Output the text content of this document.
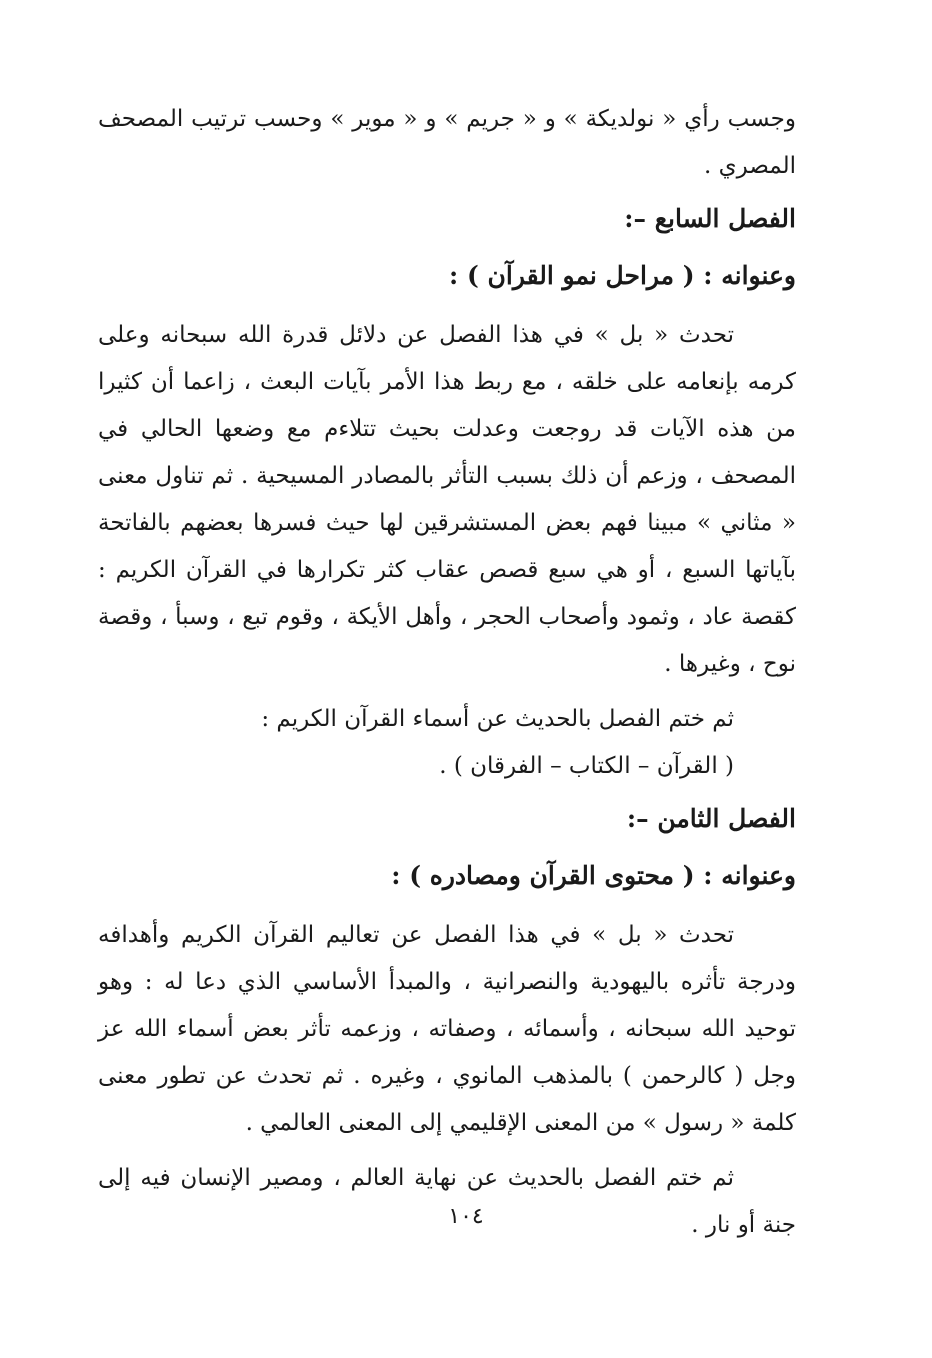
وجسب رأي « نولديكة » و « جريم » و « موير » وحسب ترتيب المصحف المصري .

الفصل السابع –:
وعنوانه : ( مراحل نمو القرآن ) :

تحدث « بل » في هذا الفصل عن دلائل قدرة الله سبحانه وعلى كرمه بإنعامه على خلقه ، مع ربط هذا الأمر بآيات البعث ، زاعما أن كثيرا من هذه الآيات قد روجعت وعدلت بحيث تتلاءم مع وضعها الحالي في المصحف ، وزعم أن ذلك بسبب التأثر بالمصادر المسيحية . ثم تناول معنى « مثاني » مبينا فهم بعض المستشرقين لها حيث فسرها بعضهم بالفاتحة بآياتها السبع ، أو هي سبع قصص عقاب كثر تكرارها في القرآن الكريم : كقصة عاد ، وثمود وأصحاب الحجر ، وأهل الأيكة ، وقوم تبع ، وسبأ ، وقصة نوح ، وغيرها .

ثم ختم الفصل بالحديث عن أسماء القرآن الكريم :

( القرآن – الكتاب – الفرقان ) .

الفصل الثامن –:
وعنوانه : ( محتوى القرآن ومصادره ) :

تحدث « بل » في هذا الفصل عن تعاليم القرآن الكريم وأهدافه ودرجة تأثره باليهودية والنصرانية ، والمبدأ الأساسي الذي دعا له : وهو توحيد الله سبحانه ، وأسمائه ، وصفاته ، وزعمه تأثر بعض أسماء الله عز وجل ( كالرحمن ) بالمذهب المانوي ، وغيره . ثم تحدث عن تطور معنى كلمة « رسول » من المعنى الإقليمي إلى المعنى العالمي .

ثم ختم الفصل بالحديث عن نهاية العالم ، ومصير الإنسان فيه إلى جنة أو نار .

١٠٤
